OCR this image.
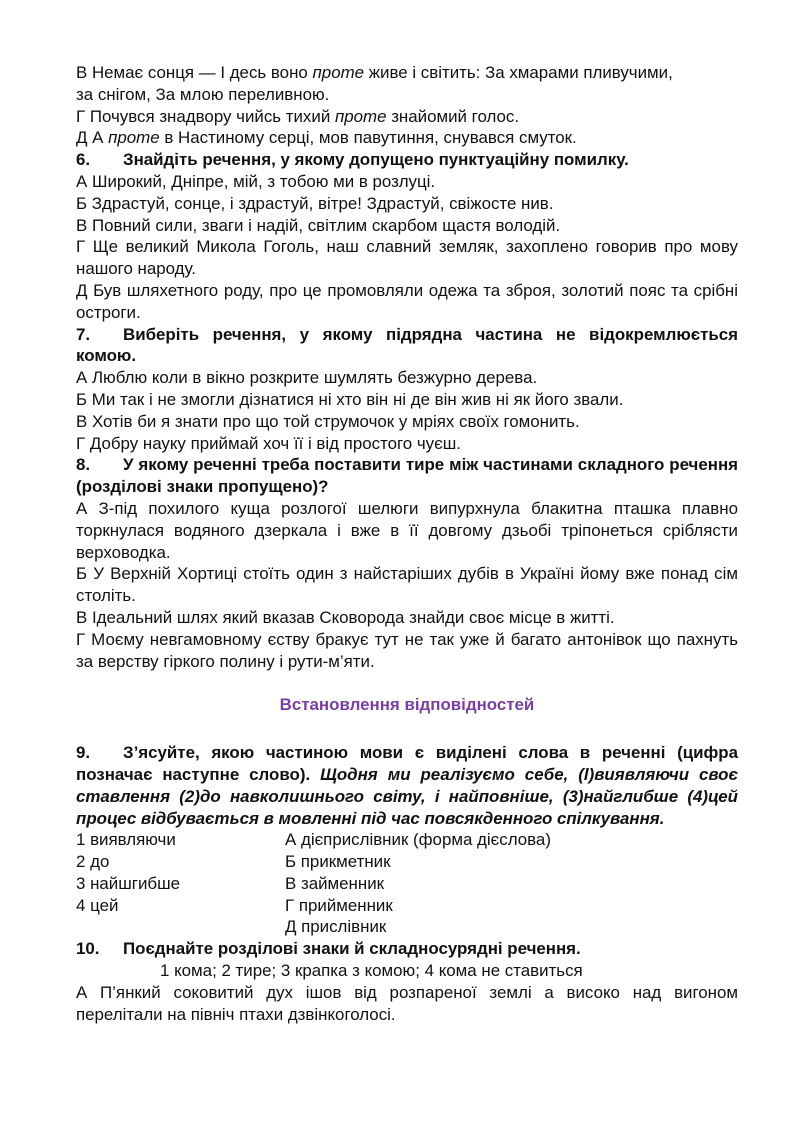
В Немає сонця — І десь воно проте живе і світить: За хмарами пливучими,

за снігом, За млою переливною.

Г Почувся знадвору чийсь тихий проте знайомий голос.

Д А проте в Настиному серці, мов павутиння, снувався смуток.

6. Знайдіть речення, у якому допущено пунктуаційну помилку.

А Широкий, Дніпре, мій, з тобою ми в розлуці.

Б Здрастуй, сонце, і здрастуй, вітре! Здрастуй, свіжосте нив.

В Повний сили, зваги і надій, світлим скарбом щастя володій.

Г Ще великий Микола Гоголь, наш славний земляк, захоплено говорив про мову нашого народу.

Д Був шляхетного роду, про це промовляли одежа та зброя, золотий пояс та срібні остроги.

7. Виберіть речення, у якому підрядна частина не відокремлюється комою.

А Люблю коли в вікно розкрите шумлять безжурно дерева.

Б Ми так і не змогли дізнатися ні хто він ні де він жив ні як його звали.

В Хотів би я знати про що той струмочок у мріях своїх гомонить.

Г Добру науку приймай хоч її і від простого чуєш.

8. У якому реченні треба поставити тире між частинами складного речення (розділові знаки пропущено)?

А З-під похилого куща розлогої шелюги випурхнула блакитна пташка плавно торкнулася водяного дзеркала і вже в її довгому дзьобі тріпонеться сріблясти верховодка.

Б У Верхній Хортиці стоїть один з найстаріших дубів в Україні йому вже понад сім століть.

В Ідеальний шлях який вказав Сковорода знайди своє місце в житті.

Г Моєму невгамовному єству бракує тут не так уже й багато антонівок що пахнуть за верству гіркого полину і рути-м’яти.

Встановлення відповідностей

9. З’ясуйте, якою частиною мови є виділені слова в реченні (цифра позначає наступне слово). Щодня ми реалізуємо себе, (l)виявляючи своє ставлення (2)до навколишнього світу, і найповніше, (3)найглибше (4)цей процес відбувається в мовленні під час повсякденного спілкування.

1 виявляючи	А дієприслівник (форма дієслова)
2 до	Б прикметник
3 найшгибше	В займенник
4 цей	Г прийменник
Д прислівник

10. Поєднайте розділові знаки й складносурядні речення.

1 кома; 2 тире; 3 крапка з комою; 4 кома не ставиться

А П’янкий соковитий дух ішов від розпареної землі а високо над вигоном перелітали на північ птахи дзвінкоголосі.
